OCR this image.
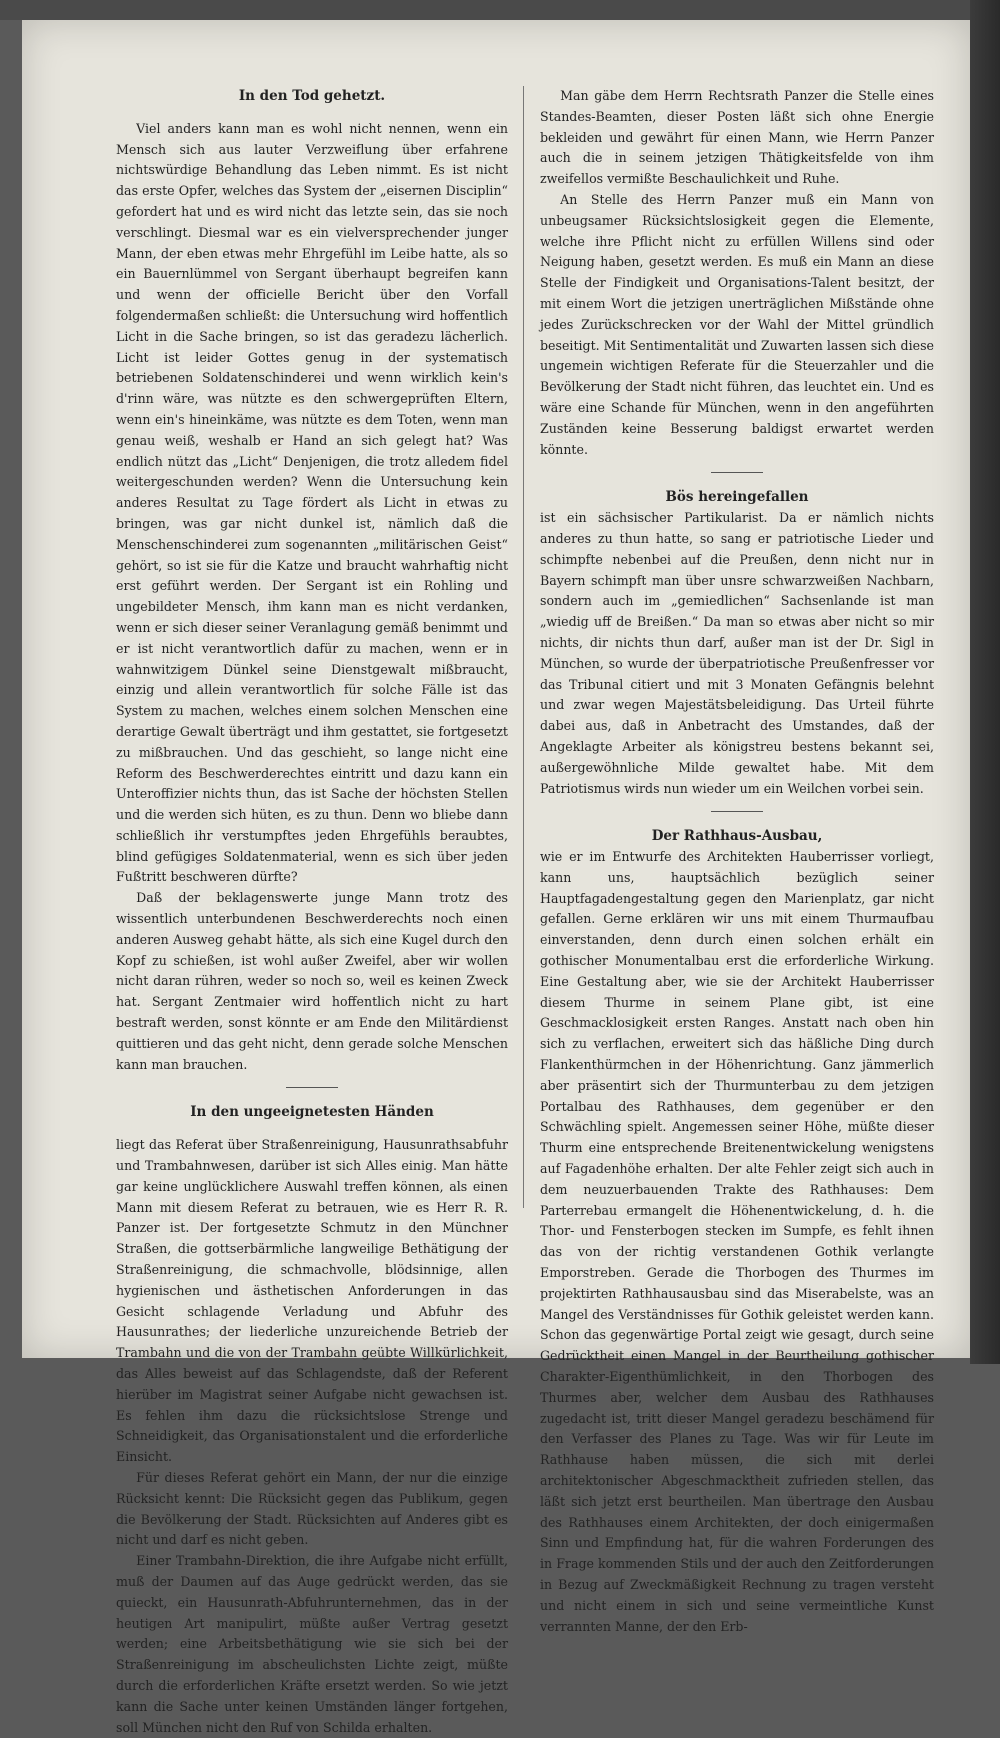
In den Tod gehetzt.

Viel anders kann man es wohl nicht nennen, wenn ein Mensch sich aus lauter Verzweiflung über erfahrene nichtswürdige Behandlung das Leben nimmt. Es ist nicht das erste Opfer, welches das System der „eisernen Disciplin“ gefordert hat und es wird nicht das letzte sein, das sie noch verschlingt. Diesmal war es ein vielversprechender junger Mann, der eben etwas mehr Ehrgefühl im Leibe hatte, als so ein Bauernlümmel von Sergant überhaupt begreifen kann und wenn der officielle Bericht über den Vorfall folgendermaßen schließt: die Untersuchung wird hoffentlich Licht in die Sache bringen, so ist das geradezu lächerlich. Licht ist leider Gottes genug in der systematisch betriebenen Soldatenschinderei und wenn wirklich kein's d'rinn wäre, was nützte es den schwergeprüften Eltern, wenn ein's hineinkäme, was nützte es dem Toten, wenn man genau weiß, weshalb er Hand an sich gelegt hat? Was endlich nützt das „Licht“ Denjenigen, die trotz alledem fidel weitergeschunden werden? Wenn die Untersuchung kein anderes Resultat zu Tage fördert als Licht in etwas zu bringen, was gar nicht dunkel ist, nämlich daß die Menschenschinderei zum sogenannten „militärischen Geist“ gehört, so ist sie für die Katze und braucht wahrhaftig nicht erst geführt werden. Der Sergant ist ein Rohling und ungebildeter Mensch, ihm kann man es nicht verdanken, wenn er sich dieser seiner Veranlagung gemäß benimmt und er ist nicht verantwortlich dafür zu machen, wenn er in wahnwitzigem Dünkel seine Dienstgewalt mißbraucht, einzig und allein verantwortlich für solche Fälle ist das System zu machen, welches einem solchen Menschen eine derartige Gewalt überträgt und ihm gestattet, sie fortgesetzt zu mißbrauchen. Und das geschieht, so lange nicht eine Reform des Beschwerderechtes eintritt und dazu kann ein Unteroffizier nichts thun, das ist Sache der höchsten Stellen und die werden sich hüten, es zu thun. Denn wo bliebe dann schließlich ihr verstumpftes jeden Ehrgefühls beraubtes, blind gefügiges Soldatenmaterial, wenn es sich über jeden Fußtritt beschweren dürfte?

Daß der beklagenswerte junge Mann trotz des wissentlich unterbundenen Beschwerderechts noch einen anderen Ausweg gehabt hätte, als sich eine Kugel durch den Kopf zu schießen, ist wohl außer Zweifel, aber wir wollen nicht daran rühren, weder so noch so, weil es keinen Zweck hat. Sergant Zentmaier wird hoffentlich nicht zu hart bestraft werden, sonst könnte er am Ende den Militärdienst quittieren und das geht nicht, denn gerade solche Menschen kann man brauchen.

In den ungeeignetesten Händen

liegt das Referat über Straßenreinigung, Hausunrathsabfuhr und Trambahnwesen, darüber ist sich Alles einig. Man hätte gar keine unglücklichere Auswahl treffen können, als einen Mann mit diesem Referat zu betrauen, wie es Herr R. R. Panzer ist. Der fortgesetzte Schmutz in den Münchner Straßen, die gottserbärmliche langweilige Bethätigung der Straßenreinigung, die schmachvolle, blödsinnige, allen hygienischen und ästhetischen Anforderungen in das Gesicht schlagende Verladung und Abfuhr des Hausunrathes; der liederliche unzureichende Betrieb der Trambahn und die von der Trambahn geübte Willkürlichkeit, das Alles beweist auf das Schlagendste, daß der Referent hierüber im Magistrat seiner Aufgabe nicht gewachsen ist. Es fehlen ihm dazu die rücksichtslose Strenge und Schneidigkeit, das Organisationstalent und die erforderliche Einsicht.

Für dieses Referat gehört ein Mann, der nur die einzige Rücksicht kennt: Die Rücksicht gegen das Publikum, gegen die Bevölkerung der Stadt. Rücksichten auf Anderes gibt es nicht und darf es nicht geben.

Einer Trambahn-Direktion, die ihre Aufgabe nicht erfüllt, muß der Daumen auf das Auge gedrückt werden, das sie quieckt, ein Hausunrath-Abfuhrunternehmen, das in der heutigen Art manipulirt, müßte außer Vertrag gesetzt werden; eine Arbeitsbethätigung wie sie sich bei der Straßenreinigung im abscheulichsten Lichte zeigt, müßte durch die erforderlichen Kräfte ersetzt werden. So wie jetzt kann die Sache unter keinen Umständen länger fortgehen, soll München nicht den Ruf von Schilda erhalten.

Man gäbe dem Herrn Rechtsrath Panzer die Stelle eines Standes-Beamten, dieser Posten läßt sich ohne Energie bekleiden und gewährt für einen Mann, wie Herrn Panzer auch die in seinem jetzigen Thätigkeitsfelde von ihm zweifellos vermißte Beschaulichkeit und Ruhe.

An Stelle des Herrn Panzer muß ein Mann von unbeugsamer Rücksichtslosigkeit gegen die Elemente, welche ihre Pflicht nicht zu erfüllen Willens sind oder Neigung haben, gesetzt werden. Es muß ein Mann an diese Stelle der Findigkeit und Organisations-Talent besitzt, der mit einem Wort die jetzigen unerträglichen Mißstände ohne jedes Zurückschrecken vor der Wahl der Mittel gründlich beseitigt. Mit Sentimentalität und Zuwarten lassen sich diese ungemein wichtigen Referate für die Steuerzahler und die Bevölkerung der Stadt nicht führen, das leuchtet ein. Und es wäre eine Schande für München, wenn in den angeführten Zuständen keine Besserung baldigst erwartet werden könnte.

Bös hereingefallen

ist ein sächsischer Partikularist. Da er nämlich nichts anderes zu thun hatte, so sang er patriotische Lieder und schimpfte nebenbei auf die Preußen, denn nicht nur in Bayern schimpft man über unsre schwarzweißen Nachbarn, sondern auch im „gemiedlichen“ Sachsenlande ist man „wiedig uff de Breißen.“ Da man so etwas aber nicht so mir nichts, dir nichts thun darf, außer man ist der Dr. Sigl in München, so wurde der überpatriotische Preußenfresser vor das Tribunal citiert und mit 3 Monaten Gefängnis belehnt und zwar wegen Majestätsbeleidigung. Das Urteil führte dabei aus, daß in Anbetracht des Umstandes, daß der Angeklagte Arbeiter als königstreu bestens bekannt sei, außergewöhnliche Milde gewaltet habe. Mit dem Patriotismus wirds nun wieder um ein Weilchen vorbei sein.

Der Rathhaus-Ausbau,

wie er im Entwurfe des Architekten Hauberrisser vorliegt, kann uns, hauptsächlich bezüglich seiner Hauptfagadengestaltung gegen den Marienplatz, gar nicht gefallen. Gerne erklären wir uns mit einem Thurmaufbau einverstanden, denn durch einen solchen erhält ein gothischer Monumentalbau erst die erforderliche Wirkung. Eine Gestaltung aber, wie sie der Architekt Hauberrisser diesem Thurme in seinem Plane gibt, ist eine Geschmacklosigkeit ersten Ranges. Anstatt nach oben hin sich zu verflachen, erweitert sich das häßliche Ding durch Flankenthürmchen in der Höhenrichtung. Ganz jämmerlich aber präsentirt sich der Thurmunterbau zu dem jetzigen Portalbau des Rathhauses, dem gegenüber er den Schwächling spielt. Angemessen seiner Höhe, müßte dieser Thurm eine entsprechende Breitenentwickelung wenigstens auf Fagadenhöhe erhalten. Der alte Fehler zeigt sich auch in dem neuzuerbauenden Trakte des Rathhauses: Dem Parterrebau ermangelt die Höhenentwickelung, d. h. die Thor- und Fensterbogen stecken im Sumpfe, es fehlt ihnen das von der richtig verstandenen Gothik verlangte Emporstreben. Gerade die Thorbogen des Thurmes im projektirten Rathhausausbau sind das Miserabelste, was an Mangel des Verständnisses für Gothik geleistet werden kann. Schon das gegenwärtige Portal zeigt wie gesagt, durch seine Gedrücktheit einen Mangel in der Beurtheilung gothischer Charakter-Eigenthümlichkeit, in den Thorbogen des Thurmes aber, welcher dem Ausbau des Rathhauses zugedacht ist, tritt dieser Mangel geradezu beschämend für den Verfasser des Planes zu Tage. Was wir für Leute im Rathhause haben müssen, die sich mit derlei architektonischer Abgeschmacktheit zufrieden stellen, das läßt sich jetzt erst beurtheilen. Man übertrage den Ausbau des Rathhauses einem Architekten, der doch einigermaßen Sinn und Empfindung hat, für die wahren Forderungen des in Frage kommenden Stils und der auch den Zeitforderungen in Bezug auf Zweckmäßigkeit Rechnung zu tragen versteht und nicht einem in sich und seine vermeintliche Kunst verrannten Manne, der den Erb-
